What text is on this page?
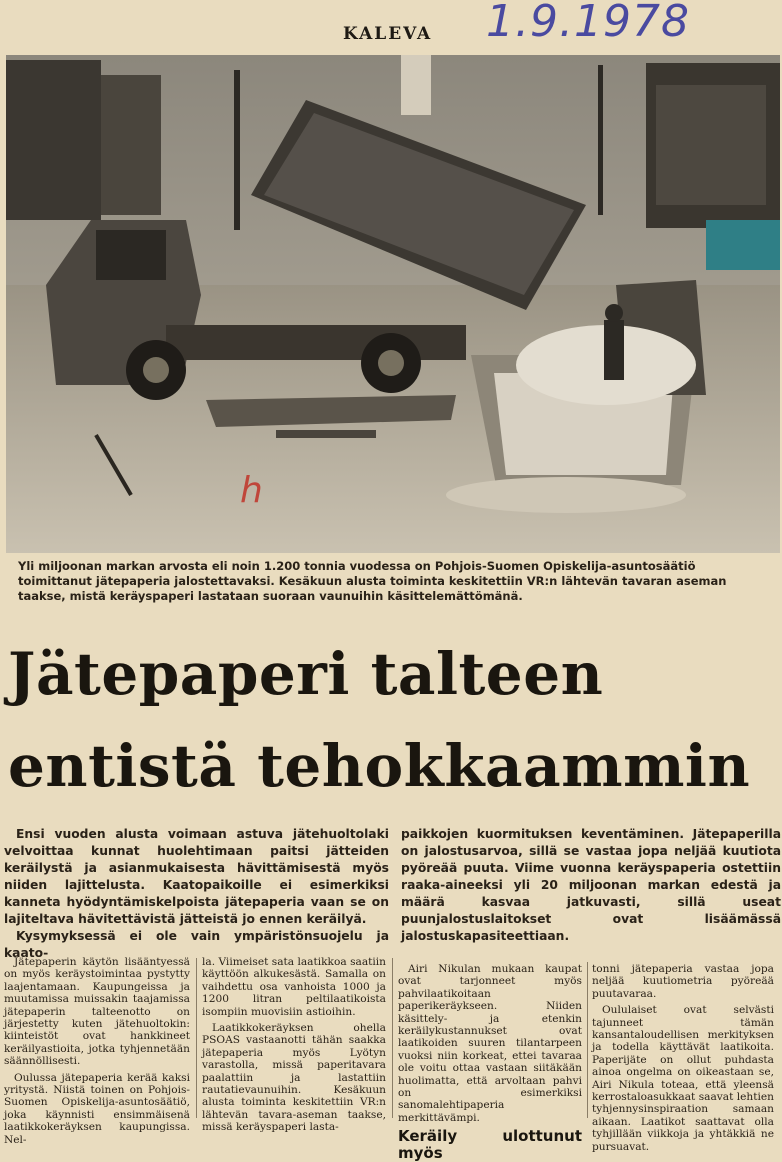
KALEVA 1.9.1978
h
Yli miljoonan markan arvosta eli noin 1.200 tonnia vuodessa on Pohjois-Suomen Opiskelija-asuntosäätiö toimittanut jätepaperia jalostettavaksi. Kesäkuun alusta toiminta keskitettiin VR:n lähtevän tavaran aseman taakse, mistä keräyspaperi lastataan suoraan vaunuihin käsittelemättömänä.
Jätepaperi talteen
entistä tehokkaammin

Ensi vuoden alusta voimaan astuva jätehuoltolaki velvoittaa kunnat huolehtimaan paitsi jätteiden keräilystä ja asianmukaisesta hävittämisestä myös niiden lajittelusta. Kaatopaikoille ei esimerkiksi kanneta hyödyntämiskelpoista jätepaperia vaan se on lajiteltava hävitettävistä jätteistä jo ennen keräilyä.

Kysymyksessä ei ole vain ympäristönsuojelu ja kaato-

paikkojen kuormituksen keventäminen. Jätepaperilla on jalostusarvoa, sillä se vastaa jopa neljää kuutiota pyöreää puuta. Viime vuonna keräyspaperia ostettiin raaka-aineeksi yli 20 miljoonan markan edestä ja määrä kasvaa jatkuvasti, sillä useat puunjalostuslaitokset ovat lisäämässä jalostuskapasiteettiaan.

Jätepaperin käytön lisääntyessä on myös keräystoimintaa pystytty laajentamaan. Kaupungeissa ja muutamissa muissakin taajamissa jätepaperin talteenotto on järjestetty kuten jätehuoltokin: kiinteistöt ovat hankkineet keräilyastioita, jotka tyhjennetään säännöllisesti.

Oulussa jätepaperia kerää kaksi yritystä. Niistä toinen on Pohjois-Suomen Opiskelija-asuntosäätiö, joka käynnisti ensimmäisenä laatikkokeräyksen kaupungissa. Nel-

la. Viimeiset sata laatikkoa saatiin käyttöön alkukesästä. Samalla on vaihdettu osa vanhoista 1000 ja 1200 litran peltilaatikoista isompiin muovisiin astioihin.

Laatikkokeräyksen ohella PSOAS vastaanotti tähän saakka jätepaperia myös Lyötyn varastolla, missä paperitavara paalattiin ja lastattiin rautatievaunuihin. Kesäkuun alusta toiminta keskitettiin VR:n lähtevän tavara-aseman taakse, missä keräyspaperi lasta-

Airi Nikulan mukaan kaupat ovat tarjonneet myös pahvilaatikoitaan paperikeräykseen. Niiden käsittely- ja etenkin keräilykustannukset ovat laatikoiden suuren tilantarpeen vuoksi niin korkeat, ettei tavaraa ole voitu ottaa vastaan siitäkään huolimatta, että arvoltaan pahvi on esimerkiksi sanomalehtipaperia merkittävämpi.

Keräily ulottunut myös

tonni jätepaperia vastaa jopa neljää kuutiometria pyöreää puutavaraa.

Oululaiset ovat selvästi tajunneet tämän kansantaloudellisen merkityksen ja todella käyttävät laatikoita. Paperijäte on ollut puhdasta ainoa ongelma on oikeastaan se, Airi Nikula toteaa, että yleensä kerrostaloasukkaat saavat lehtien tyhjennysinspiraation samaan aikaan. Laatikot saattavat olla tyhjillään viikkoja ja yhtäkkiä ne pursuavat.
